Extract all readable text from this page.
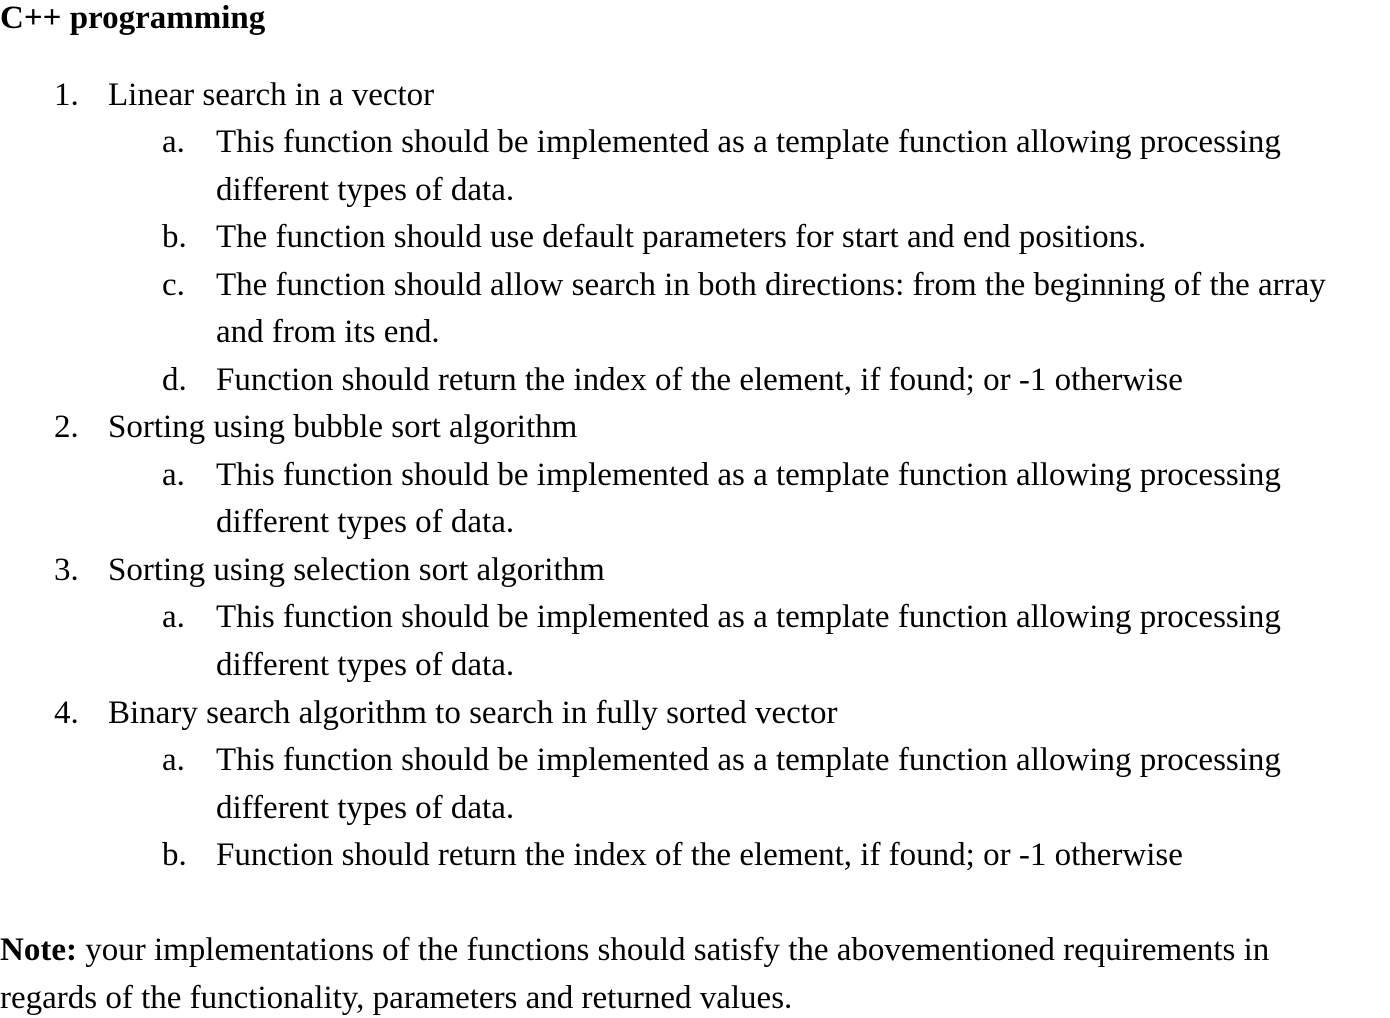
C++ programming
1. Linear search in a vector
a. This function should be implemented as a template function allowing processing
different types of data.
b. The function should use default parameters for start and end positions.
c. The function should allow search in both directions: from the beginning of the array
and from its end.
d. Function should return the index of the element, if found; or -1 otherwise
2. Sorting using bubble sort algorithm
a. This function should be implemented as a template function allowing processing
different types of data.
3. Sorting using selection sort algorithm
a. This function should be implemented as a template function allowing processing
different types of data.
4. Binary search algorithm to search in fully sorted vector
a. This function should be implemented as a template function allowing processing
different types of data.
b. Function should return the index of the element, if found; or -1 otherwise
Note: your implementations of the functions should satisfy the abovementioned requirements in
regards of the functionality, parameters and returned values.
